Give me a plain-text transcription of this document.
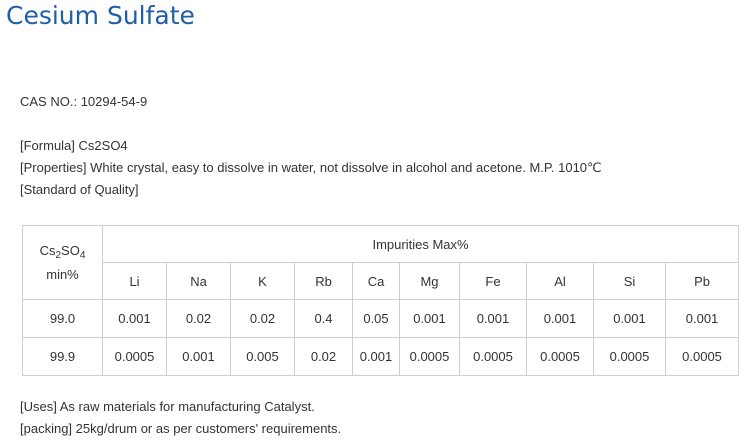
Cesium Sulfate
CAS NO.: 10294-54-9
[Formula] Cs2SO4
[Properties] White crystal, easy to dissolve in water, not dissolve in alcohol and acetone. M.P. 1010℃
[Standard of Quality]
$Cs_2SO_4$
min%	Impurities Max%									
	Li	Na	K	Rb	Ca	Mg	Fe	Al	Si	Pb
99.0	0.001	0.02	0.02	0.4	0.05	0.001	0.001	0.001	0.001	0.001
99.9	0.0005	0.001	0.005	0.02	0.001	0.0005	0.0005	0.0005	0.0005	0.0005
[Uses] As raw materials for manufacturing Catalyst.
[packing] 25kg/drum or as per customers' requirements.
